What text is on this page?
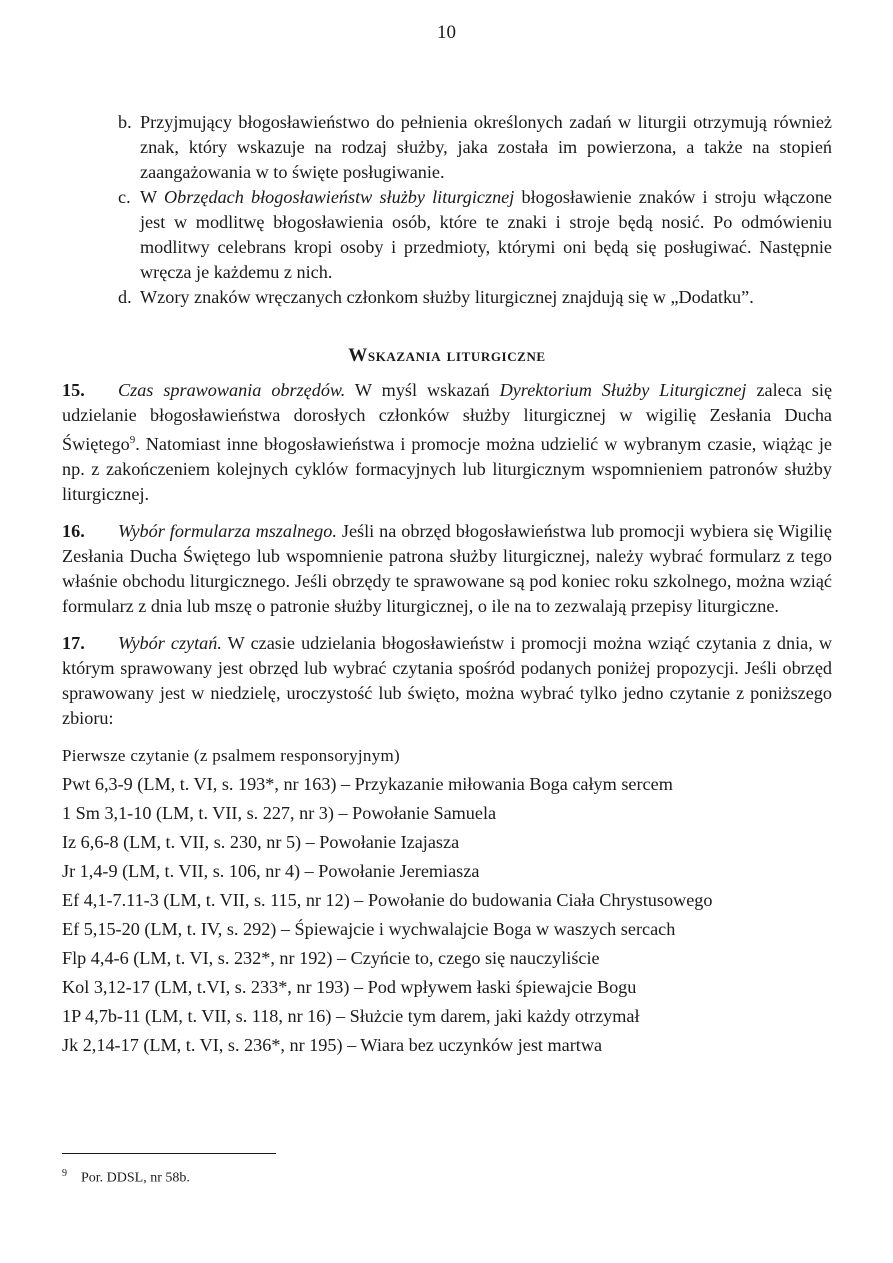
10
b. Przyjmujący błogosławieństwo do pełnienia określonych zadań w liturgii otrzymują również znak, który wskazuje na rodzaj służby, jaka została im powierzona, a także na stopień zaangażowania w to święte posługiwanie.
c. W Obrzędach błogosławieństw służby liturgicznej błogosławienie znaków i stroju włączone jest w modlitwę błogosławienia osób, które te znaki i stroje będą nosić. Po odmówieniu modlitwy celebrans kropi osoby i przedmioty, którymi oni będą się posługiwać. Następnie wręcza je każdemu z nich.
d. Wzory znaków wręczanych członkom służby liturgicznej znajdują się w „Dodatku”.
Wskazania liturgiczne

15. Czas sprawowania obrzędów. W myśl wskazań Dyrektorium Służby Liturgicznej zaleca się udzielanie błogosławieństwa dorosłych członków służby liturgicznej w wigilię Zesłania Ducha Świętego$^9$. Natomiast inne błogosławieństwa i promocje można udzielić w wybranym czasie, wiążąc je np. z zakończeniem kolejnych cyklów formacyjnych lub liturgicznym wspomnieniem patronów służby liturgicznej.

16. Wybór formularza mszalnego. Jeśli na obrzęd błogosławieństwa lub promocji wybiera się Wigilię Zesłania Ducha Świętego lub wspomnienie patrona służby liturgicznej, należy wybrać formularz z tego właśnie obchodu liturgicznego. Jeśli obrzędy te sprawowane są pod koniec roku szkolnego, można wziąć formularz z dnia lub mszę o patronie służby liturgicznej, o ile na to zezwalają przepisy liturgiczne.

17. Wybór czytań. W czasie udzielania błogosławieństw i promocji można wziąć czytania z dnia, w którym sprawowany jest obrzęd lub wybrać czytania spośród podanych poniżej propozycji. Jeśli obrzęd sprawowany jest w niedzielę, uroczystość lub święto, można wybrać tylko jedno czytanie z poniższego zbioru:

Pierwsze czytanie (z psalmem responsoryjnym)
Pwt 6,3-9 (LM, t. VI, s. 193*, nr 163) – Przykazanie miłowania Boga całym sercem
1 Sm 3,1-10 (LM, t. VII, s. 227, nr 3) – Powołanie Samuela
Iz 6,6-8 (LM, t. VII, s. 230, nr 5) – Powołanie Izajasza
Jr 1,4-9 (LM, t. VII, s. 106, nr 4) – Powołanie Jeremiasza
Ef 4,1-7.11-3 (LM, t. VII, s. 115, nr 12) – Powołanie do budowania Ciała Chrystusowego
Ef 5,15-20 (LM, t. IV, s. 292) – Śpiewajcie i wychwalajcie Boga w waszych sercach
Flp 4,4-6 (LM, t. VI, s. 232*, nr 192) – Czyńcie to, czego się nauczyliście
Kol 3,12-17 (LM, t.VI, s. 233*, nr 193) – Pod wpływem łaski śpiewajcie Bogu
1P 4,7b-11 (LM, t. VII, s. 118, nr 16) – Służcie tym darem, jaki każdy otrzymał
Jk 2,14-17 (LM, t. VI, s. 236*, nr 195) – Wiara bez uczynków jest martwa
$^9$ Por. DDSL, nr 58b.
